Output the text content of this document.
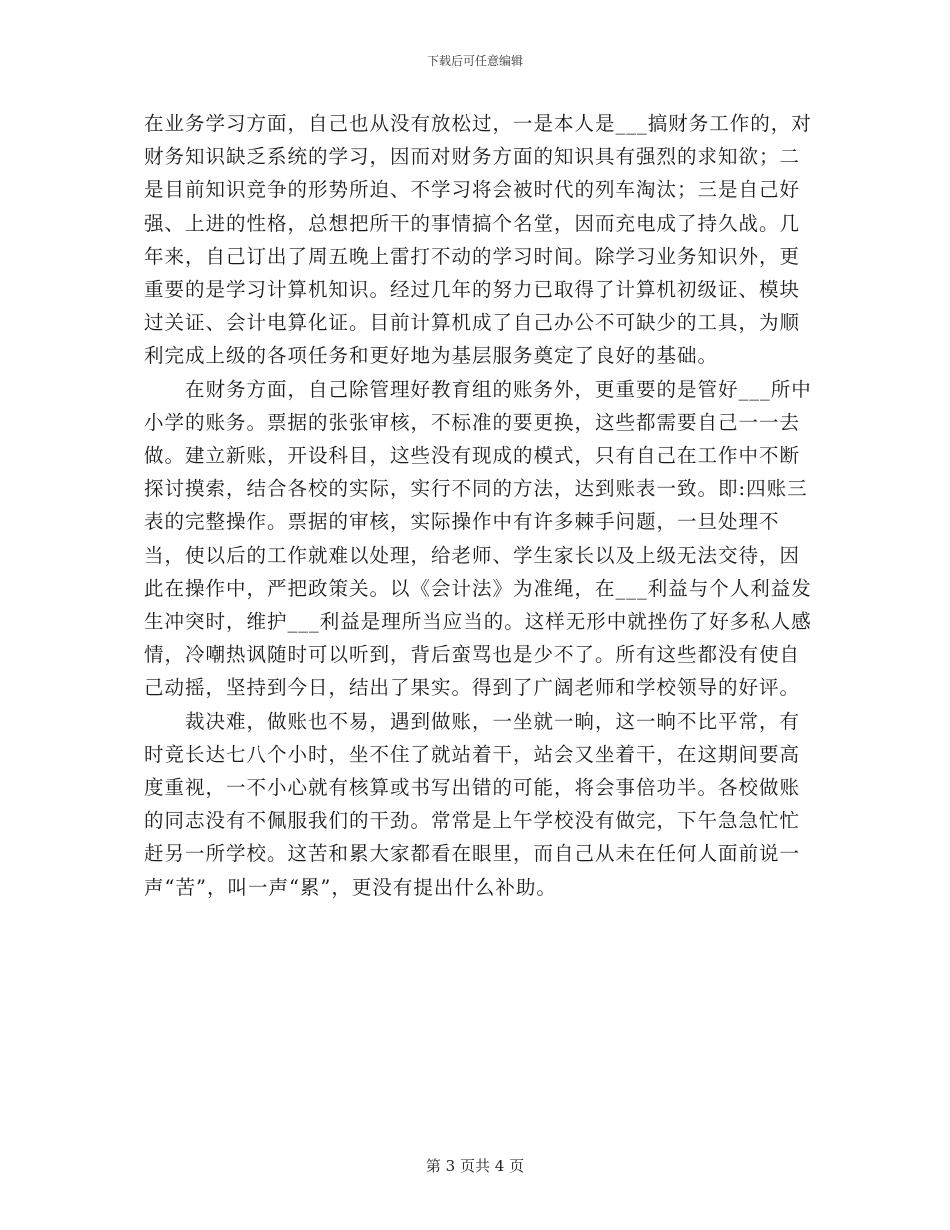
下载后可任意编辑

在业务学习方面，自己也从没有放松过，一是本人是___搞财务工作的，对财务知识缺乏系统的学习，因而对财务方面的知识具有强烈的求知欲；二是目前知识竞争的形势所迫、不学习将会被时代的列车淘汰；三是自己好强、上进的性格，总想把所干的事情搞个名堂，因而充电成了持久战。几年来，自己订出了周五晚上雷打不动的学习时间。除学习业务知识外，更重要的是学习计算机知识。经过几年的努力已取得了计算机初级证、模块过关证、会计电算化证。目前计算机成了自己办公不可缺少的工具，为顺利完成上级的各项任务和更好地为基层服务奠定了良好的基础。

在财务方面，自己除管理好教育组的账务外，更重要的是管好___所中小学的账务。票据的张张审核，不标准的要更换，这些都需要自己一一去做。建立新账，开设科目，这些没有现成的模式，只有自己在工作中不断探讨摸索，结合各校的实际，实行不同的方法，达到账表一致。即:四账三表的完整操作。票据的审核，实际操作中有许多棘手问题，一旦处理不当，使以后的工作就难以处理，给老师、学生家长以及上级无法交待，因此在操作中，严把政策关。以《会计法》为准绳，在___利益与个人利益发生冲突时，维护___利益是理所当应当的。这样无形中就挫伤了好多私人感情，冷嘲热讽随时可以听到，背后蛮骂也是少不了。所有这些都没有使自己动摇，坚持到今日，结出了果实。得到了广阔老师和学校领导的好评。

裁决难，做账也不易，遇到做账，一坐就一晌，这一晌不比平常，有时竟长达七八个小时，坐不住了就站着干，站会又坐着干，在这期间要高度重视，一不小心就有核算或书写出错的可能，将会事倍功半。各校做账的同志没有不佩服我们的干劲。常常是上午学校没有做完，下午急急忙忙赶另一所学校。这苦和累大家都看在眼里，而自己从未在任何人面前说一声“苦”，叫一声“累”，更没有提出什么补助。

第 3 页共 4 页
